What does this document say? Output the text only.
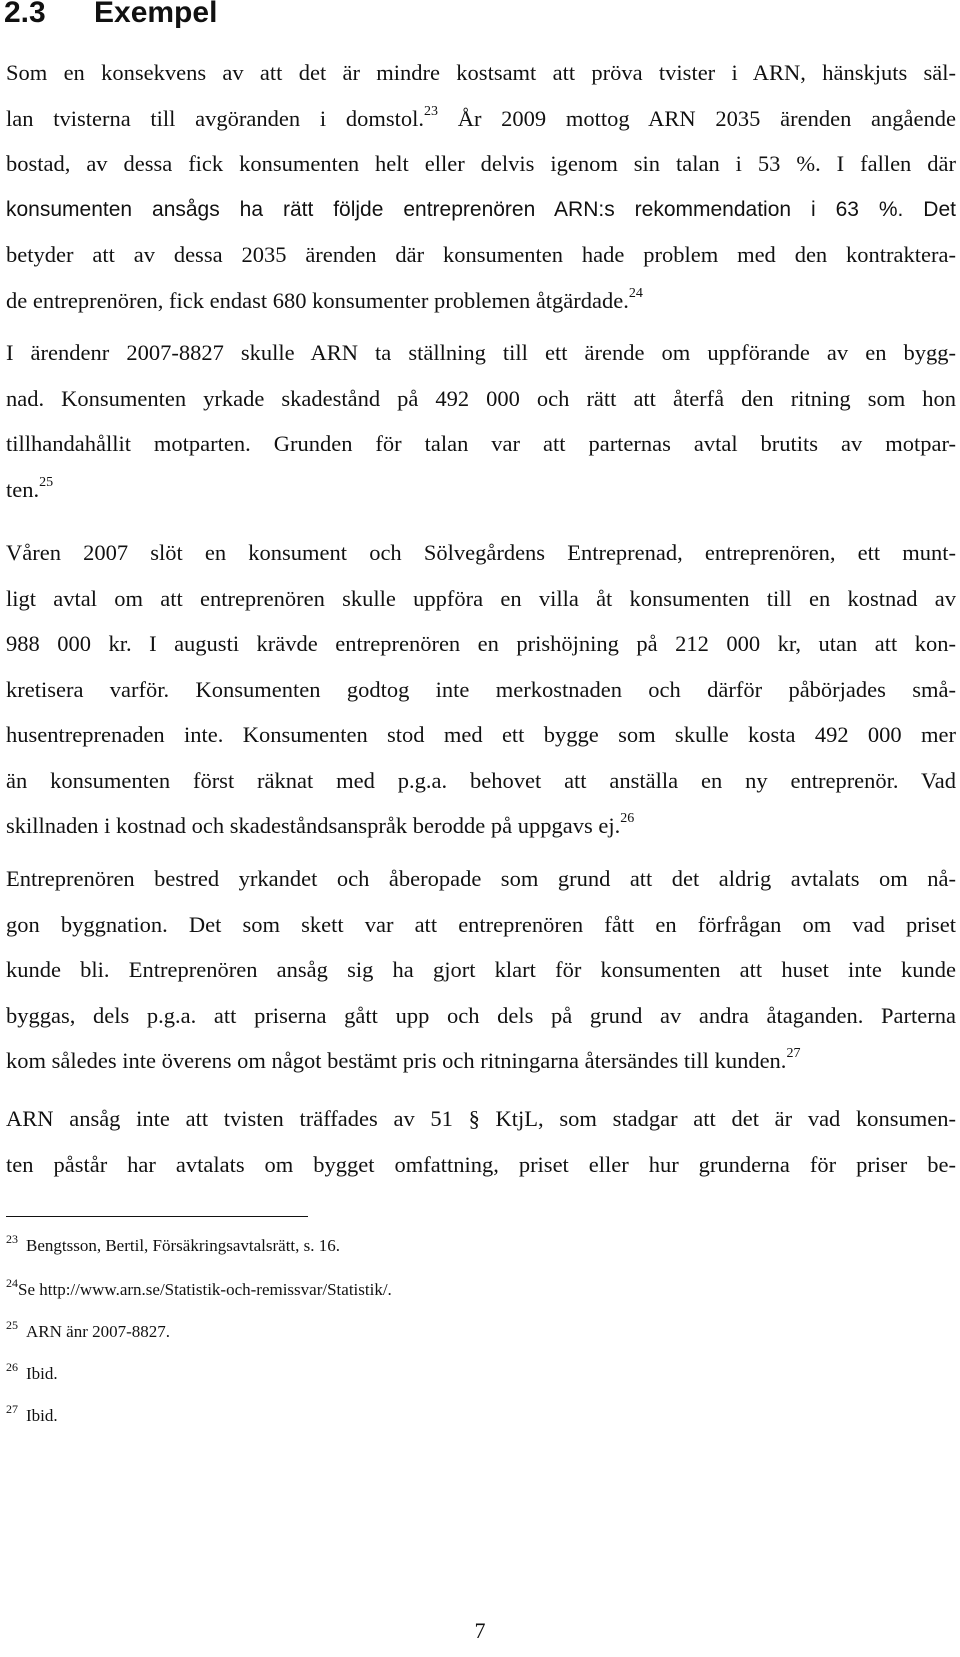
2.3 Exempel

Som en konsekvens av att det är mindre kostsamt att pröva tvister i ARN, hänskjuts säl-
lan tvisterna till avgöranden i domstol.$^{23}$ År 2009 mottog ARN 2035 ärenden angående
bostad, av dessa fick konsumenten helt eller delvis igenom sin talan i 53 %. I fallen där
konsumenten ansågs ha rätt följde entreprenören ARN:s rekommendation i 63 %. Det
betyder att av dessa 2035 ärenden där konsumenten hade problem med den kontraktera-
de entreprenören, fick endast 680 konsumenter problemen åtgärdade.$^{24}$

I ärendenr 2007-8827 skulle ARN ta ställning till ett ärende om uppförande av en bygg-
nad. Konsumenten yrkade skadestånd på 492 000 och rätt att återfå den ritning som hon
tillhandahållit motparten. Grunden för talan var att parternas avtal brutits av motpar-
ten.$^{25}$

Våren 2007 slöt en konsument och Sölvegårdens Entreprenad, entreprenören, ett munt-
ligt avtal om att entreprenören skulle uppföra en villa åt konsumenten till en kostnad av
988 000 kr. I augusti krävde entreprenören en prishöjning på 212 000 kr, utan att kon-
kretisera varför. Konsumenten godtog inte merkostnaden och därför påbörjades små-
husentreprenaden inte. Konsumenten stod med ett bygge som skulle kosta 492 000 mer
än konsumenten först räknat med p.g.a. behovet att anställa en ny entreprenör. Vad
skillnaden i kostnad och skadeståndsanspråk berodde på uppgavs ej.$^{26}$

Entreprenören bestred yrkandet och åberopade som grund att det aldrig avtalats om nå-
gon byggnation. Det som skett var att entreprenören fått en förfrågan om vad priset
kunde bli. Entreprenören ansåg sig ha gjort klart för konsumenten att huset inte kunde
byggas, dels p.g.a. att priserna gått upp och dels på grund av andra åtaganden. Parterna
kom således inte överens om något bestämt pris och ritningarna återsändes till kunden.$^{27}$

ARN ansåg inte att tvisten träffades av 51 § KtjL, som stadgar att det är vad konsumen-
ten påstår har avtalats om bygget omfattning, priset eller hur grunderna för priser be-

$^{23}$ Bengtsson, Bertil, Försäkringsavtalsrätt, s. 16.

$^{24}$Se http://www.arn.se/Statistik-och-remissvar/Statistik/.

$^{25}$ ARN änr 2007-8827.

$^{26}$ Ibid.

$^{27}$ Ibid.

7
